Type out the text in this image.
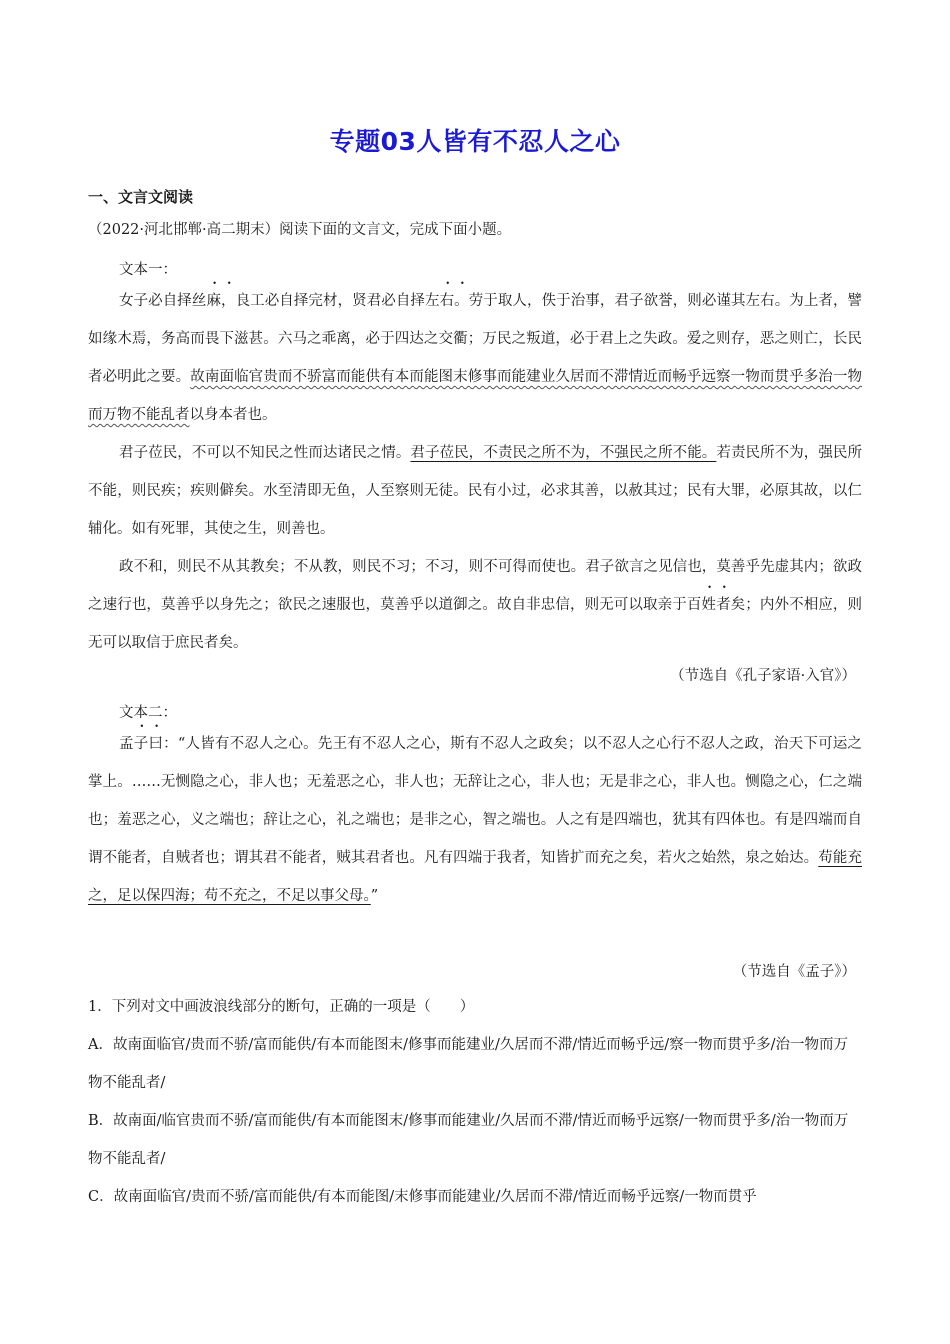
专题03人皆有不忍人之心
一、文言文阅读
（2022·河北邯郸·高二期末）阅读下面的文言文，完成下面小题。
文本一：

女子必自择丝麻，良工必自择完材，贤君必自择左右。劳于取人，佚于治事，君子欲誉，则必谨其左右。为上者，譬如缘木焉，务高而畏下滋甚。六马之乖离，必于四达之交衢；万民之叛道，必于君上之失政。爱之则存，恶之则亡，长民者必明此之要。故南面临官贵而不骄富而能供有本而能图末修事而能建业久居而不滞情近而畅乎远察一物而贯乎多治一物而万物不能乱者以身本者也。

君子莅民，不可以不知民之性而达诸民之情。君子莅民，不责民之所不为，不强民之所不能。若责民所不为，强民所不能，则民疾；疾则僻矣。水至清即无鱼，人至察则无徒。民有小过，必求其善，以赦其过；民有大罪，必原其故，以仁辅化。如有死罪，其使之生，则善也。

政不和，则民不从其教矣；不从教，则民不习；不习，则不可得而使也。君子欲言之见信也，莫善乎先虚其内；欲政之速行也，莫善乎以身先之；欲民之速服也，莫善乎以道御之。故自非忠信，则无可以取亲于百姓者矣；内外不相应，则无可以取信于庶民者矣。

（节选自《孔子家语·入官》）
文本二：

孟子曰：“人皆有不忍人之心。先王有不忍人之心，斯有不忍人之政矣；以不忍人之心行不忍人之政，治天下可运之掌上。……无恻隐之心，非人也；无羞恶之心，非人也；无辞让之心，非人也；无是非之心，非人也。恻隐之心，仁之端也；羞恶之心，义之端也；辞让之心，礼之端也；是非之心，智之端也。人之有是四端也，犹其有四体也。有是四端而自谓不能者，自贼者也；谓其君不能者，贼其君者也。凡有四端于我者，知皆扩而充之矣，若火之始然，泉之始达。苟能充之，足以保四海；苟不充之，不足以事父母。”

（节选自《孟子》）
1．下列对文中画波浪线部分的断句，正确的一项是（　　）
A．故南面临官/贵而不骄/富而能供/有本而能图末/修事而能建业/久居而不滞/情近而畅乎远/察一物而贯乎多/治一物而万物不能乱者/
B．故南面/临官贵而不骄/富而能供/有本而能图末/修事而能建业/久居而不滞/情近而畅乎远察/一物而贯乎多/治一物而万物不能乱者/
C．故南面临官/贵而不骄/富而能供/有本而能图/末修事而能建业/久居而不滞/情近而畅乎远察/一物而贯乎
